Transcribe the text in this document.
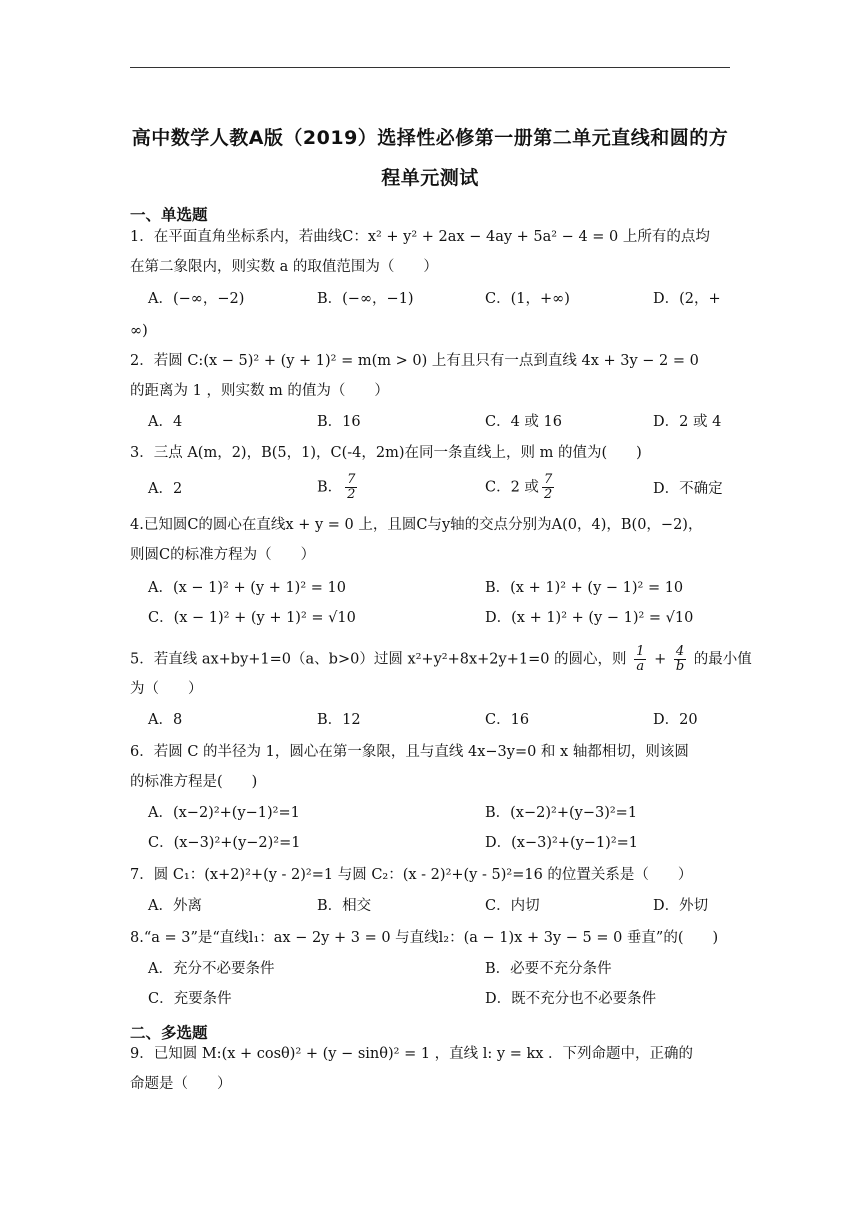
高中数学人教A版（2019）选择性必修第一册第二单元直线和圆的方
程单元测试
一、单选题
1．在平面直角坐标系内，若曲线C：x² + y² + 2ax − 4ay + 5a² − 4 = 0 上所有的点均
在第二象限内，则实数 a 的取值范围为（　　）
A．(−∞，−2)	B．(−∞，−1)	C．(1，+∞)	D．(2，+
∞)
2．若圆 C:(x − 5)² + (y + 1)² = m(m > 0) 上有且只有一点到直线 4x + 3y − 2 = 0
的距离为 1 ，则实数 m 的值为（　　）
A．4	B．16	C．4 或 16	D．2 或 4
3．三点 A(m，2)，B(5，1)，C(-4，2m)在同一条直线上，则 m 的值为(　　)
A．2	B． $\frac{7}{2}$	C．2 或 $\frac{7}{2}$	D．不确定
4.已知圆C的圆心在直线x + y = 0 上，且圆C与y轴的交点分别为A(0，4)，B(0，−2)，
则圆C的标准方程为（　　）
A．(x − 1)² + (y + 1)² = 10	B．(x + 1)² + (y − 1)² = 10
C．(x − 1)² + (y + 1)² = √10	D．(x + 1)² + (y − 1)² = √10
5．若直线 ax+by+1=0（a、b>0）过圆 x²+y²+8x+2y+1=0 的圆心，则 $\frac{1}{a} + \frac{4}{b}$ 的最小值
为（　　）
A．8	B．12	C．16	D．20
6．若圆 C 的半径为 1，圆心在第一象限，且与直线 4x−3y=0 和 x 轴都相切，则该圆
的标准方程是(　　)
A．(x−2)²+(y−1)²=1	B．(x−2)²+(y−3)²=1
C．(x−3)²+(y−2)²=1	D．(x−3)²+(y−1)²=1
7．圆 C₁：(x+2)²+(y - 2)²=1 与圆 C₂：(x - 2)²+(y - 5)²=16 的位置关系是（　　）
A．外离	B．相交	C．内切	D．外切
8.“a = 3”是“直线l₁：ax − 2y + 3 = 0 与直线l₂：(a − 1)x + 3y − 5 = 0 垂直”的(　　)
A．充分不必要条件	B．必要不充分条件
C．充要条件	D．既不充分也不必要条件
二、多选题
9．已知圆 M:(x + cosθ)² + (y − sinθ)² = 1 ，直线 l: y = kx ．下列命题中，正确的
命题是（　　）
